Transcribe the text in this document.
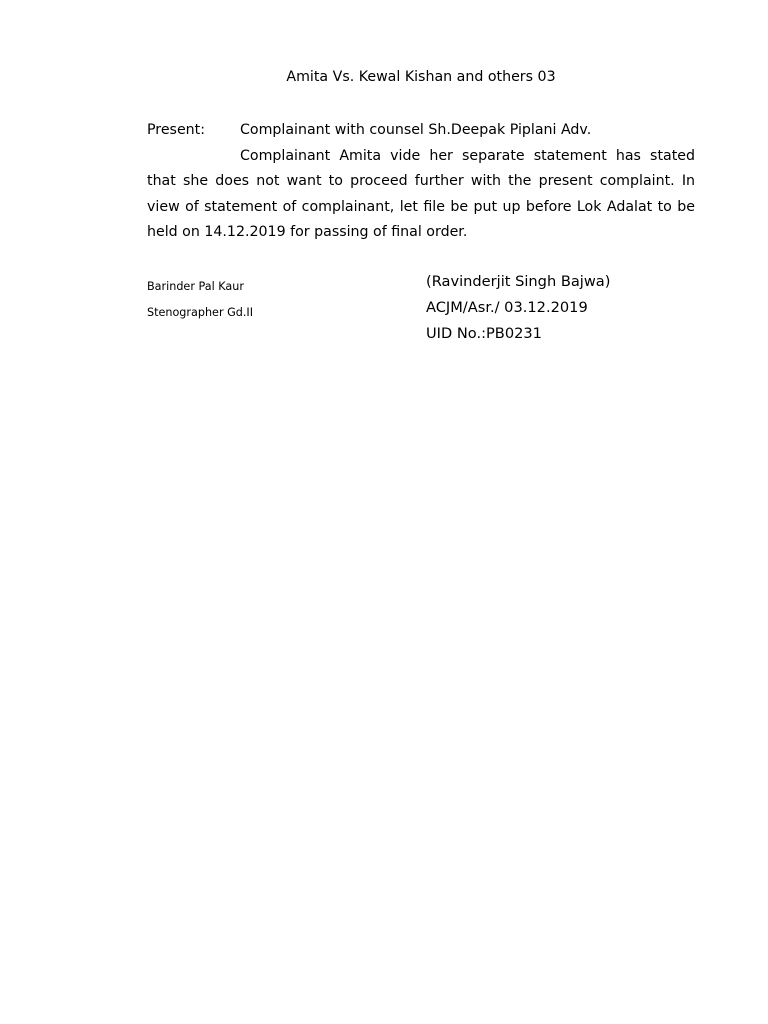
Amita Vs. Kewal Kishan and others 03
Present:	Complainant with counsel Sh.Deepak Piplani Adv.

Complainant Amita vide her separate statement has stated that she does not want to proceed further with the present complaint. In view of statement of complainant, let file be put up before Lok Adalat to be held on 14.12.2019 for passing of final order.

Barinder Pal Kaur
Stenographer Gd.II
(Ravinderjit Singh Bajwa)
ACJM/Asr./ 03.12.2019
UID No.:PB0231
